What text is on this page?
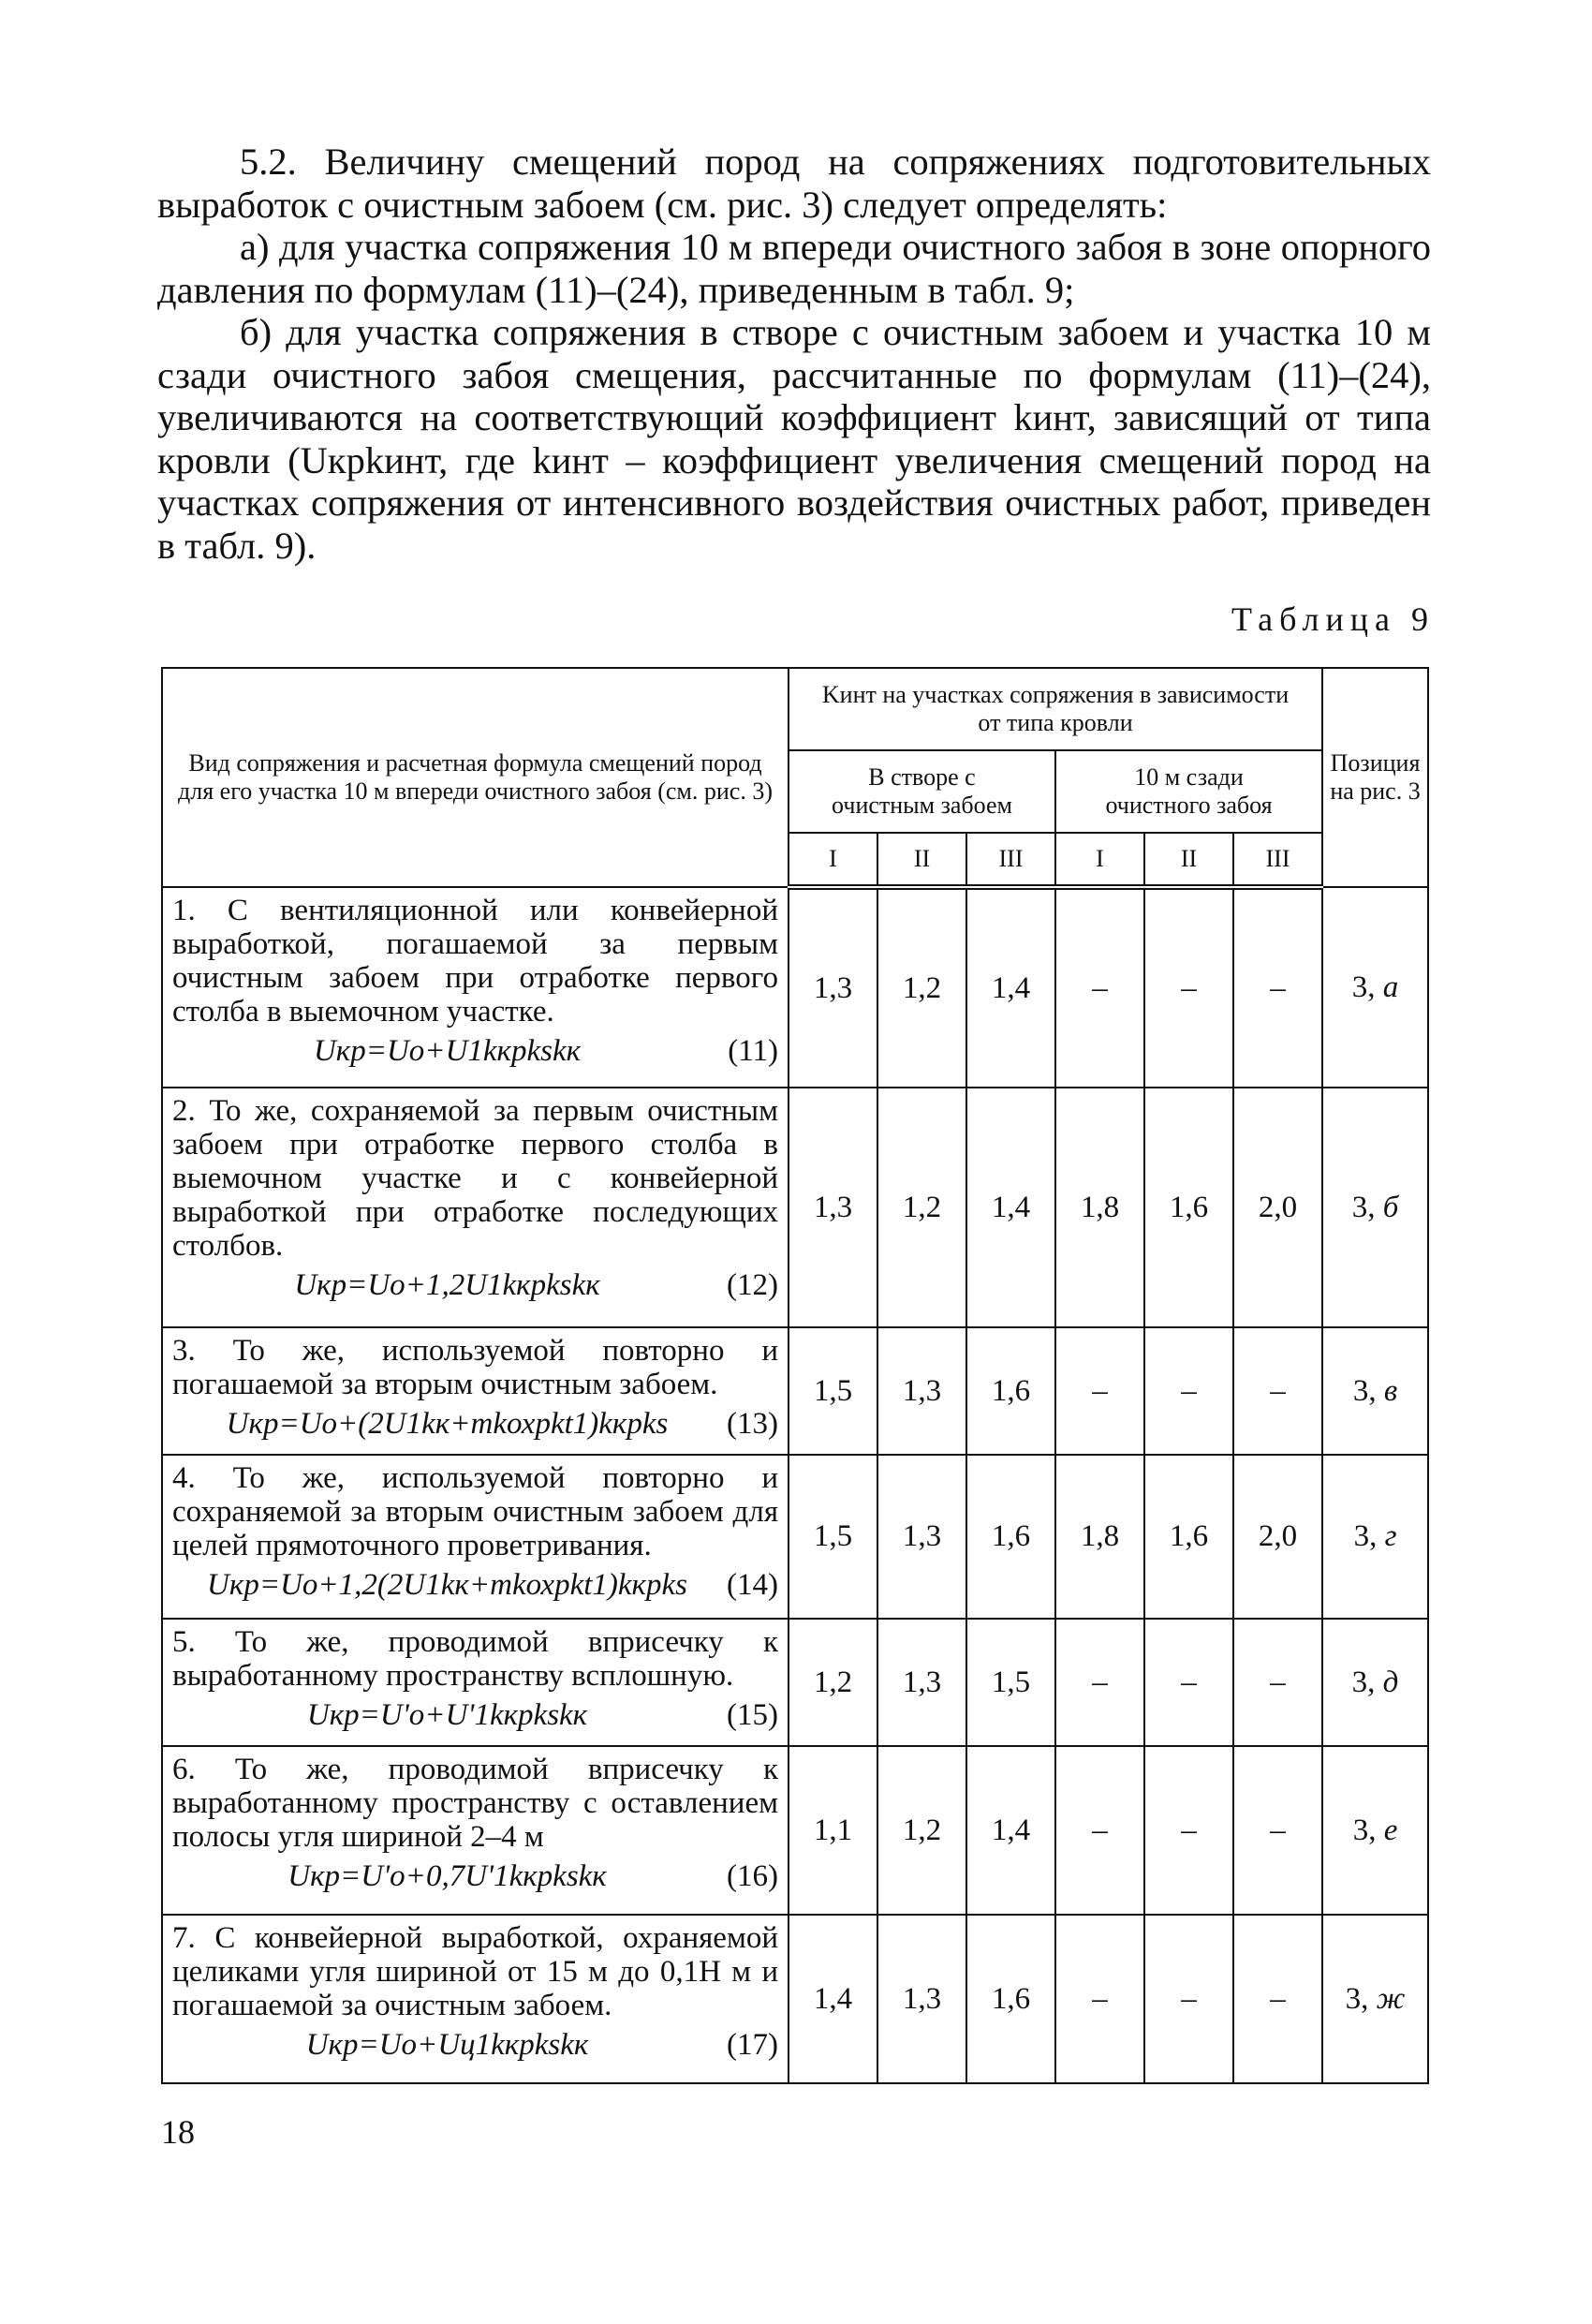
5.2. Величину смещений пород на сопряжениях подготовительных выработок с очистным забоем (см. рис. 3) следует определять:

а) для участка сопряжения 10 м впереди очистного забоя в зоне опорного давления по формулам (11)–(24), приведенным в табл. 9;

б) для участка сопряжения в створе с очистным забоем и участка 10 м сзади очистного забоя смещения, рассчитанные по формулам (11)–(24), увеличиваются на соответствующий коэффициент kинт, зависящий от типа кровли (Uкрkинт, где kинт – коэффициент увеличения смещений пород на участках сопряжения от интенсивного воздействия очистных работ, приведен в табл. 9).

Таблица 9
Вид сопряжения и расчетная формула смещений пород для его участка 10 м впереди очистного забоя (см. рис. 3)	Kинт на участках сопряжения в зависимости от типа кровли						Позиция на рис. 3
	В створе с очистным забоем			10 м сзади очистного забоя			
	I	II	III	I	II	III	

1. С вентиляционной или конвейерной выработкой, погашаемой за первым очистным забоем при отработке первого столба в выемочном участке.
Uкр=Uо+U1kкрkskк (11)	1,3	1,2	1,4	–	–	–	3, а

2. То же, сохраняемой за первым очистным забоем при отработке первого столба в выемочном участке и с конвейерной выработкой при отработке последующих столбов.
Uкр=Uо+1,2U1kкрkskк (12)	1,3	1,2	1,4	1,8	1,6	2,0	3, б

3. То же, используемой повторно и погашаемой за вторым очистным забоем.
Uкр=Uо+(2U1kк+mkохрkt1)kкрks (13)	1,5	1,3	1,6	–	–	–	3, в

4. То же, используемой повторно и сохраняемой за вторым очистным забоем для целей прямоточного проветривания.
Uкр=Uо+1,2(2U1kк+mkохрkt1)kкрks (14)	1,5	1,3	1,6	1,8	1,6	2,0	3, г

5. То же, проводимой вприсечку к выработанному пространству всплошную.
Uкр=U'о+U'1kкрkskк (15)	1,2	1,3	1,5	–	–	–	3, д

6. То же, проводимой вприсечку к выработанному пространству с оставлением полосы угля шириной 2–4 м
Uкр=U'о+0,7U'1kкрkskк (16)	1,1	1,2	1,4	–	–	–	3, е

7. С конвейерной выработкой, охраняемой целиками угля шириной от 15 м до 0,1H м и погашаемой за очистным забоем.
Uкр=Uо+Uц1kкрkskк (17)	1,4	1,3	1,6	–	–	–	3, ж
18
